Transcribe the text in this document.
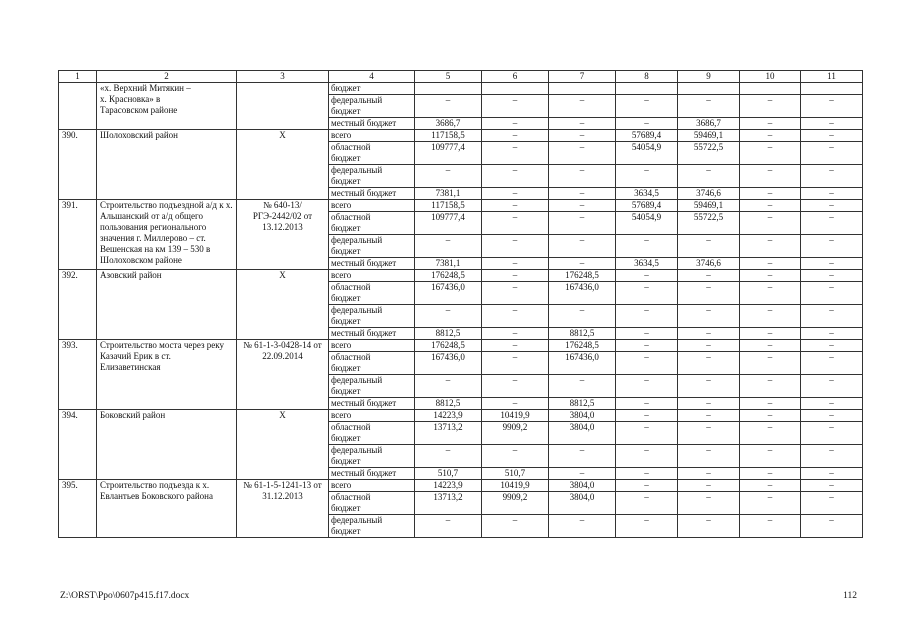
1	2	3	4	5	6	7	8	9	10	11
	«х. Верхний Митякин –
х. Красновка» в
Тарасовском районе		бюджет							
			федеральный
бюджет	–	–	–	–	–	–	–
			местный бюджет	3686,7	–	–	–	3686,7	–	–
390.	Шолоховский район	Х	всего	117158,5	–	–	57689,4	59469,1	–	–
			областной
бюджет	109777,4	–	–	54054,9	55722,5	–	–
			федеральный
бюджет	–	–	–	–	–	–	–
			местный бюджет	7381,1	–	–	3634,5	3746,6	–	–
391.	Строительство подъездной а/д к х. Альшанский от а/д общего пользования регионального значения г. Миллерово – ст. Вешенская на км 139 – 530 в Шолоховском районе	№ 640-13/ РГЭ-2442/02 от 13.12.2013	всего	117158,5	–	–	57689,4	59469,1	–	–
			областной
бюджет	109777,4	–	–	54054,9	55722,5	–	–
			федеральный
бюджет	–	–	–	–	–	–	–
			местный бюджет	7381,1	–	–	3634,5	3746,6	–	–
392.	Азовский район	Х	всего	176248,5	–	176248,5	–	–	–	–
			областной
бюджет	167436,0	–	167436,0	–	–	–	–
			федеральный
бюджет	–	–	–	–	–	–	–
			местный бюджет	8812,5	–	8812,5	–	–	–	–
393.	Строительство моста через реку Казачий Ерик в ст. Елизаветинская	№ 61-1-3-0428-14 от 22.09.2014	всего	176248,5	–	176248,5	–	–	–	–
			областной
бюджет	167436,0	–	167436,0	–	–	–	–
			федеральный
бюджет	–	–	–	–	–	–	–
			местный бюджет	8812,5	–	8812,5	–	–	–	–
394.	Боковский район	Х	всего	14223,9	10419,9	3804,0	–	–	–	–
			областной
бюджет	13713,2	9909,2	3804,0	–	–	–	–
			федеральный
бюджет	–	–	–	–	–	–	–
			местный бюджет	510,7	510,7	–	–	–	–	–
395.	Строительство подъезда к х. Евлантьев Боковского района	№ 61-1-5-1241-13 от 31.12.2013	всего	14223,9	10419,9	3804,0	–	–	–	–
			областной
бюджет	13713,2	9909,2	3804,0	–	–	–	–
			федеральный
бюджет	–	–	–	–	–	–	–
Z:\ORST\Ppo\0607p415.f17.docx	112
